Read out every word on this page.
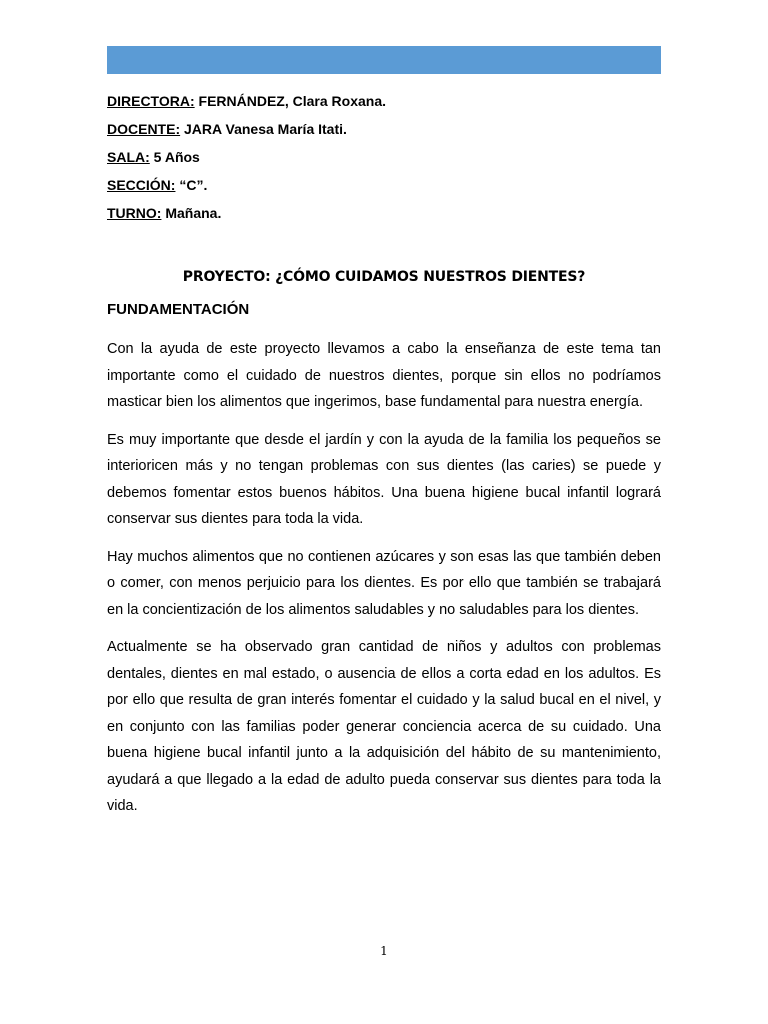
DIRECTORA: FERNÁNDEZ, Clara Roxana.
DOCENTE: JARA Vanesa María Itati.
SALA: 5 Años
SECCIÓN: “C”.
TURNO: Mañana.
PROYECTO: ¿CÓMO CUIDAMOS NUESTROS DIENTES?
FUNDAMENTACIÓN

Con la ayuda de este proyecto llevamos a cabo la enseñanza de este tema tan importante como el cuidado de nuestros dientes, porque sin ellos no podríamos masticar bien los alimentos que ingerimos, base fundamental para nuestra energía.

Es muy importante que desde el jardín y con la ayuda de la familia los pequeños se interioricen más y no tengan problemas con sus dientes (las caries) se puede y debemos fomentar estos buenos hábitos. Una buena higiene bucal infantil logrará conservar sus dientes para toda la vida.

Hay muchos alimentos que no contienen azúcares y son esas las que también deben o comer, con menos perjuicio para los dientes. Es por ello que también se trabajará en la concientización de los alimentos saludables y no saludables para los dientes.

Actualmente se ha observado gran cantidad de niños y adultos con problemas dentales, dientes en mal estado, o ausencia de ellos a corta edad en los adultos. Es por ello que resulta de gran interés fomentar el cuidado y la salud bucal en el nivel, y en conjunto con las familias poder generar conciencia acerca de su cuidado. Una buena higiene bucal infantil junto a la adquisición del hábito de su mantenimiento, ayudará a que llegado a la edad de adulto pueda conservar sus dientes para toda la vida.

1
